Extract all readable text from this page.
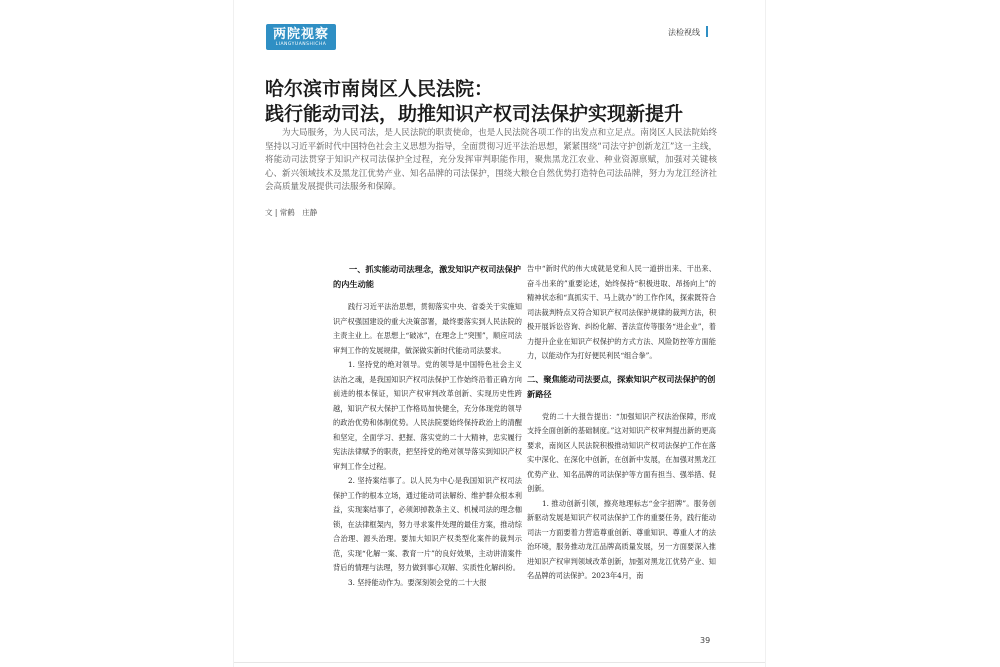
两院视察
LIANGYUANSHICHA
法检视线
哈尔滨市南岗区人民法院：
践行能动司法，助推知识产权司法保护实现新提升

为大局服务，为人民司法，是人民法院的职责使命，也是人民法院各项工作的出发点和立足点。南岗区人民法院始终坚持以习近平新时代中国特色社会主义思想为指导，全面贯彻习近平法治思想，紧紧围绕“司法守护创新龙江”这一主线，将能动司法贯穿于知识产权司法保护全过程，充分发挥审判职能作用，聚焦黑龙江农业、种业资源禀赋，加强对关键核心、新兴领域技术及黑龙江优势产业、知名品牌的司法保护，围绕大粮仓自然优势打造特色司法品牌，努力为龙江经济社会高质量发展提供司法服务和保障。

文 | 常鹤　庄静
一、抓实能动司法理念，激发知识产权司法保护的内生动能

践行习近平法治思想，贯彻落实中央、省委关于实施知识产权强国建设的重大决策部署，最终要落实到人民法院的主责主业上。在思想上“破冰”，在理念上“突围”，顺应司法审判工作的发展规律，做深做实新时代能动司法要求。

1. 坚持党的绝对领导。党的领导是中国特色社会主义法治之魂，是我国知识产权司法保护工作始终沿着正确方向前进的根本保证，知识产权审判改革创新、实现历史性跨越，知识产权大保护工作格局加快健全，充分体现党的领导的政治优势和体制优势。人民法院要始终保持政治上的清醒和坚定，全面学习、把握、落实党的二十大精神，忠实履行宪法法律赋予的职责，把坚持党的绝对领导落实到知识产权审判工作全过程。

2. 坚持案结事了。以人民为中心是我国知识产权司法保护工作的根本立场，通过能动司法解纷、维护群众根本利益，实现案结事了，必须卸掉教条主义、机械司法的理念枷锁，在法律框架内，努力寻求案件处理的最佳方案，推动综合治理、源头治理。要加大知识产权类型化案件的裁判示范，实现“化解一案、教育一片”的良好效果，主动讲清案件背后的情理与法理，努力做到事心双解、实质性化解纠纷。

3. 坚持能动作为。要深刻领会党的二十大报

告中“新时代的伟大成就是党和人民一道拼出来、干出来、奋斗出来的”重要论述，始终保持“积极进取、昂扬向上”的精神状态和“真抓实干、马上就办”的工作作风，探索既符合司法裁判特点又符合知识产权司法保护规律的裁判方法，积极开展诉讼咨询、纠纷化解、普法宣传等服务“进企业”，着力提升企业在知识产权保护的方式方法、风险防控等方面能力，以能动作为打好便民利民“组合拳”。

二、聚焦能动司法要点，探索知识产权司法保护的创新路径

党的二十大报告提出：“加强知识产权法治保障，形成支持全面创新的基础制度。”这对知识产权审判提出新的更高要求，南岗区人民法院积极推动知识产权司法保护工作在落实中深化、在深化中创新，在创新中发展，在加强对黑龙江优势产业、知名品牌的司法保护等方面有担当、强举措、促创新。

1. 推动创新引领，擦亮地理标志“金字招牌”。服务创新驱动发展是知识产权司法保护工作的重要任务，践行能动司法一方面要着力营造尊重创新、尊重知识、尊重人才的法治环境，服务推动龙江品牌高质量发展，另一方面要深入推进知识产权审判领域改革创新，加强对黑龙江优势产业、知名品牌的司法保护。2023年4月，南

39
